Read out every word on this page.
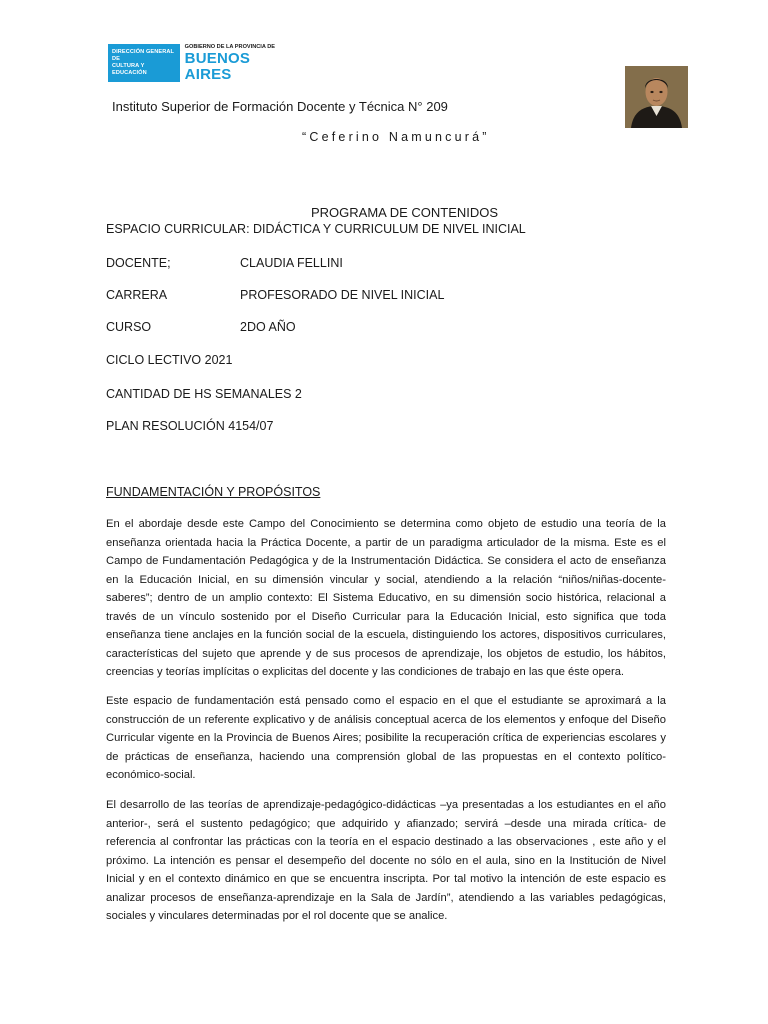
DIRECCIÓN GENERAL DE
CULTURA Y EDUCACIÓN
GOBIERNO DE LA PROVINCIA DE
BUENOS AIRES
Instituto Superior de Formación Docente y Técnica N° 209
“Ceferino Namuncurá”
PROGRAMA DE CONTENIDOS
ESPACIO CURRICULAR: DIDÁCTICA Y CURRICULUM DE NIVEL INICIAL
DOCENTE;	CLAUDIA FELLINI
CARRERA	PROFESORADO DE NIVEL INICIAL
CURSO	2DO AÑO
CICLO LECTIVO 2021
CANTIDAD DE HS SEMANALES 2
PLAN RESOLUCIÓN 4154/07
FUNDAMENTACIÓN Y PROPÓSITOS
En el abordaje desde este Campo del Conocimiento se determina como objeto de estudio una teoría de la enseñanza orientada hacia la Práctica Docente, a partir de un paradigma articulador de la misma. Este es el Campo de Fundamentación Pedagógica y de la Instrumentación Didáctica. Se considera el acto de enseñanza en la Educación Inicial, en su dimensión vincular y social, atendiendo a la relación “niños/niñas-docente-saberes”; dentro de un amplio contexto: El Sistema Educativo, en su dimensión socio histórica, relacional a través de un vínculo sostenido por el Diseño Curricular para la Educación Inicial, esto significa que toda enseñanza tiene anclajes en la función social de la escuela, distinguiendo los actores, dispositivos curriculares, características del sujeto que aprende y de sus procesos de aprendizaje, los objetos de estudio, los hábitos, creencias y teorías implícitas o explicitas del docente y las condiciones de trabajo en las que éste opera.
Este espacio de fundamentación está pensado como el espacio en el que el estudiante se aproximará a la construcción de un referente explicativo y de análisis conceptual acerca de los elementos y enfoque del Diseño Curricular vigente en la Provincia de Buenos Aires; posibilite la recuperación crítica de experiencias escolares y de prácticas de enseñanza, haciendo una comprensión global de las propuestas en el contexto político-económico-social.
El desarrollo de las teorías de aprendizaje-pedagógico-didácticas –ya presentadas a los estudiantes en el año anterior-, será el sustento pedagógico; que adquirido y afianzado; servirá –desde una mirada crítica- de referencia al confrontar las prácticas con la teoría en el espacio destinado a las observaciones , este año y el próximo. La intención es pensar el desempeño del docente no sólo en el aula, sino en la Institución de Nivel Inicial y en el contexto dinámico en que se encuentra inscripta. Por tal motivo la intención de este espacio es analizar procesos de enseñanza-aprendizaje en la Sala de Jardín”, atendiendo a las variables pedagógicas, sociales y vinculares determinadas por el rol docente que se analice.
